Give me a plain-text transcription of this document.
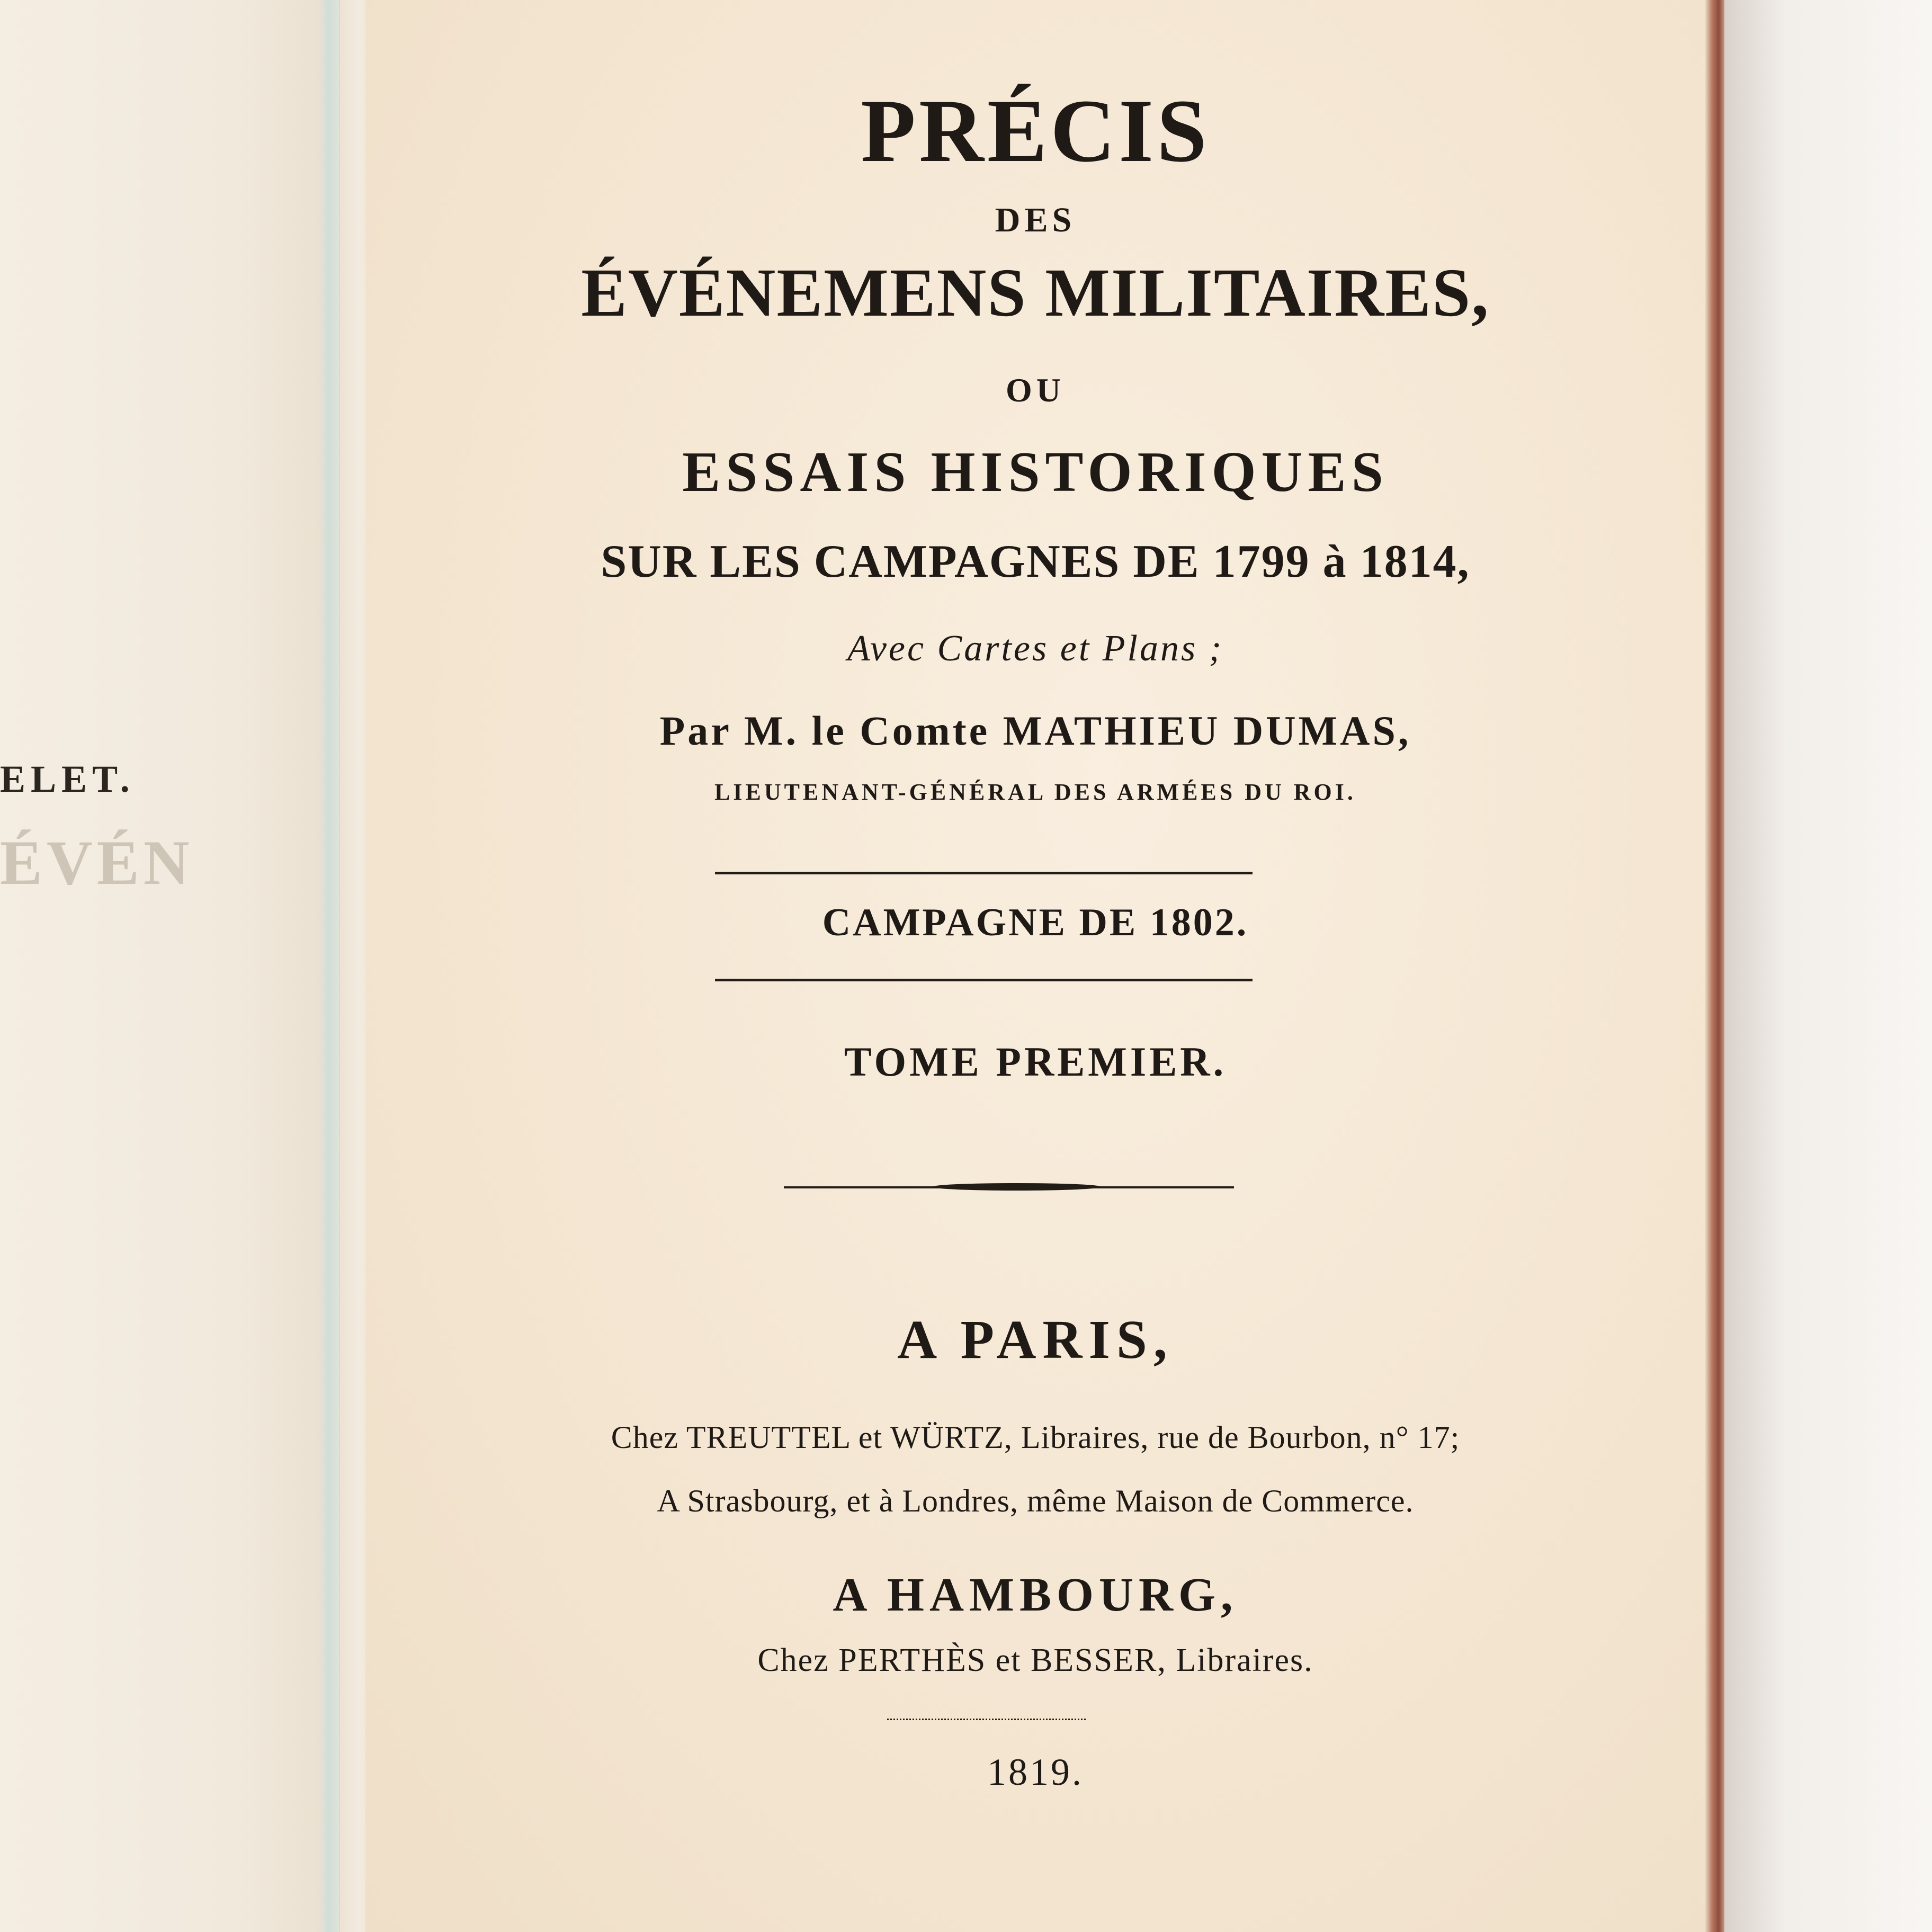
ELET.
ÉVÉN
PRÉCIS
DES
ÉVÉNEMENS MILITAIRES,
OU
ESSAIS HISTORIQUES
SUR LES CAMPAGNES DE 1799 à 1814,
Avec Cartes et Plans ;
Par M. le Comte MATHIEU DUMAS,
LIEUTENANT-GÉNÉRAL DES ARMÉES DU ROI.
CAMPAGNE DE 1802.
TOME PREMIER.
A PARIS,
Chez TREUTTEL et WÜRTZ, Libraires, rue de Bourbon, n° 17;
A Strasbourg, et à Londres, même Maison de Commerce.
A HAMBOURG,
Chez PERTHÈS et BESSER, Libraires.
1819.
